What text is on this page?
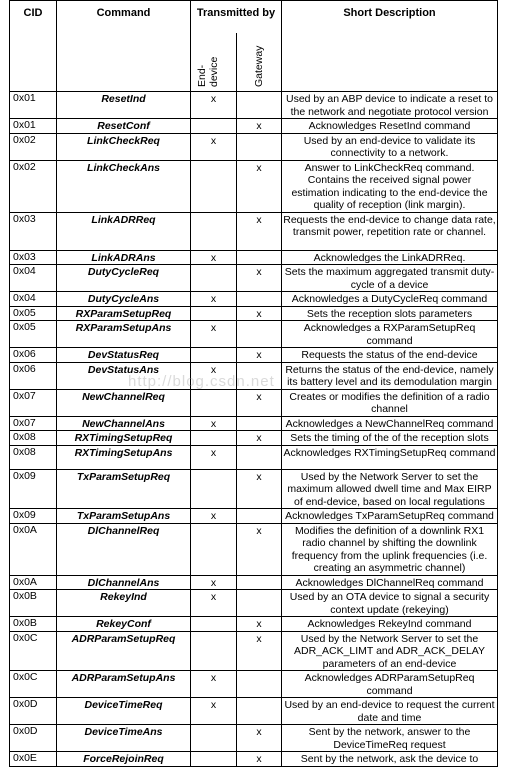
CID	Command	Transmitted by		Short Description

		End-
device	Gateway	

0x01	ResetInd	x		Used by an ABP device to indicate a reset to the network and negotiate protocol version
0x01	ResetConf		x	Acknowledges ResetInd command
0x02	LinkCheckReq	x		Used by an end-device to validate its connectivity to a network.
0x02	LinkCheckAns		x	Answer to LinkCheckReq command. Contains the received signal power estimation indicating to the end-device the quality of reception (link margin).
0x03	LinkADRReq		x	Requests the end-device to change data rate, transmit power, repetition rate or channel.
0x03	LinkADRAns	x		Acknowledges the LinkADRReq.
0x04	DutyCycleReq		x	Sets the maximum aggregated transmit duty-cycle of a device
0x04	DutyCycleAns	x		Acknowledges a DutyCycleReq command
0x05	RXParamSetupReq		x	Sets the reception slots parameters
0x05	RXParamSetupAns	x		Acknowledges a RXParamSetupReq command
0x06	DevStatusReq		x	Requests the status of the end-device
0x06	DevStatusAns	x		Returns the status of the end-device, namely its battery level and its demodulation margin
0x07	NewChannelReq		x	Creates or modifies the definition of a radio channel
0x07	NewChannelAns	x		Acknowledges a NewChannelReq command
0x08	RXTimingSetupReq		x	Sets the timing of the of the reception slots
0x08	RXTimingSetupAns	x		Acknowledges RXTimingSetupReq command
0x09	TxParamSetupReq		x	Used by the Network Server to set the maximum allowed dwell time and Max EIRP of end-device, based on local regulations
0x09	TxParamSetupAns	x		Acknowledges TxParamSetupReq command
0x0A	DlChannelReq		x	Modifies the definition of a downlink RX1 radio channel by shifting the downlink frequency from the uplink frequencies (i.e. creating an asymmetric channel)
0x0A	DlChannelAns	x		Acknowledges DlChannelReq command
0x0B	RekeyInd	x		Used by an OTA device to signal a security context update (rekeying)
0x0B	RekeyConf		x	Acknowledges RekeyInd command
0x0C	ADRParamSetupReq		x	Used by the Network Server to set the ADR_ACK_LIMT and ADR_ACK_DELAY parameters of an end-device
0x0C	ADRParamSetupAns	x		Acknowledges ADRParamSetupReq command
0x0D	DeviceTimeReq	x		Used by an end-device to request the current date and time
0x0D	DeviceTimeAns		x	Sent by the network, answer to the DeviceTimeReq request
0x0E	ForceRejoinReq		x	Sent by the network, ask the device to
http://blog.csdn.net
